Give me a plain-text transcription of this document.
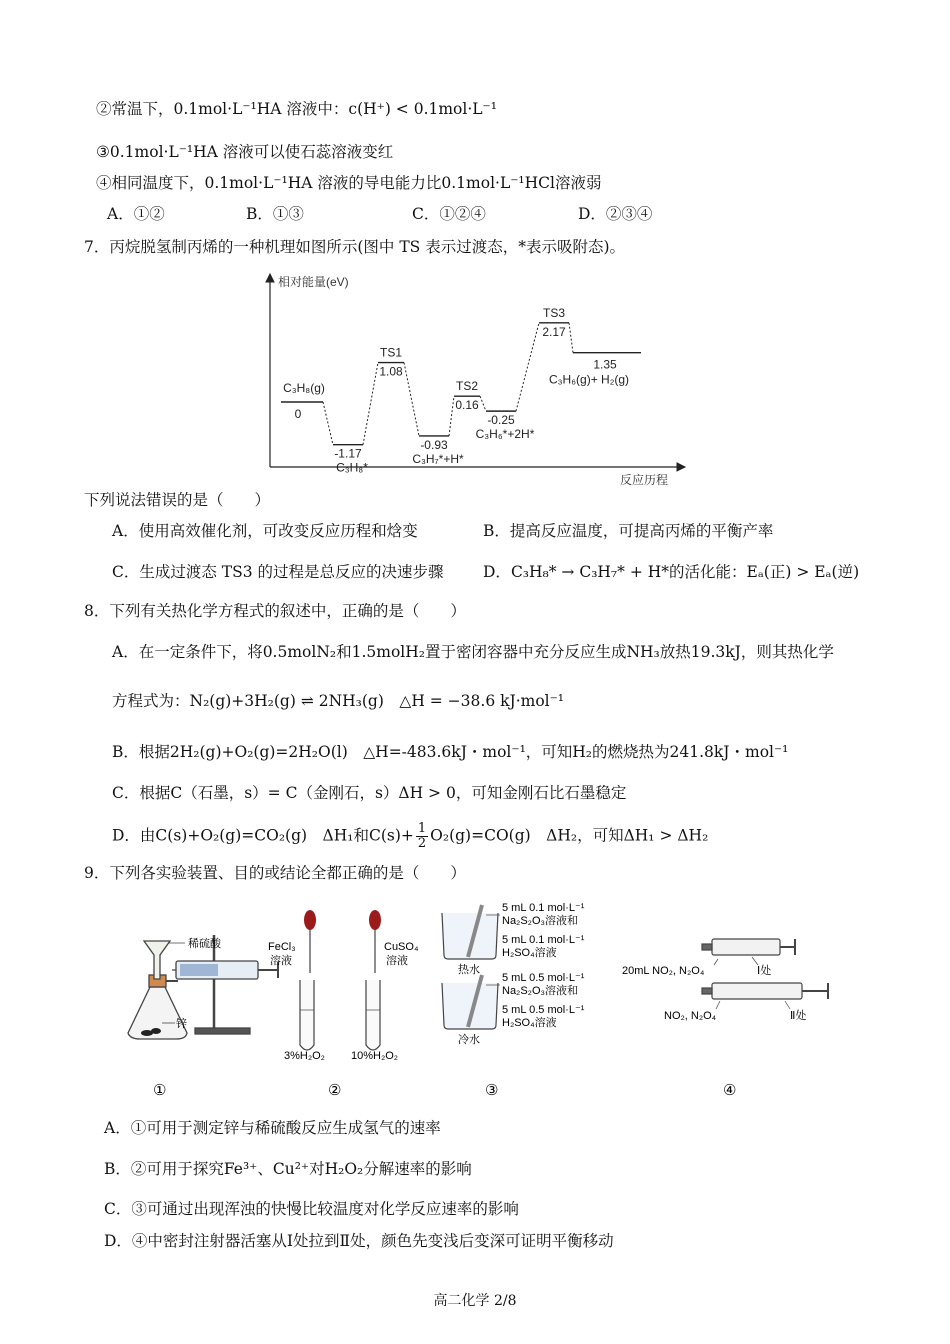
②常温下，0.1mol·L⁻¹HA 溶液中：c(H⁺) < 0.1mol·L⁻¹
③0.1mol·L⁻¹HA 溶液可以使石蕊溶液变红
④相同温度下，0.1mol·L⁻¹HA 溶液的导电能力比0.1mol·L⁻¹HCl溶液弱
A．①②	B．①③	C．①②④	D．②③④
7．丙烷脱氢制丙烯的一种机理如图所示(图中 TS 表示过渡态，*表示吸附态)。
相对能量(eV)
反应历程
C₃H₈(g)
0
-1.17
C₃H₈*
TS1
1.08
-0.93
C₃H₇*+H*
TS2
0.16
-0.25
C₃H₆*+2H*
TS3
2.17
1.35
C₃H₆(g)+ H₂(g)
下列说法错误的是（　　）
A．使用高效催化剂，可改变反应历程和焓变	B．提高反应温度，可提高丙烯的平衡产率
C．生成过渡态 TS3 的过程是总反应的决速步骤	D．C₃H₈* → C₃H₇* + H*的活化能：Eₐ(正) > Eₐ(逆)
8．下列有关热化学方程式的叙述中，正确的是（　　）
A．在一定条件下，将0.5molN₂和1.5molH₂置于密闭容器中充分反应生成NH₃放热19.3kJ，则其热化学
方程式为：N₂(g)+3H₂(g) ⇌ 2NH₃(g)　△H = −38.6 kJ·mol⁻¹
B．根据2H₂(g)+O₂(g)=2H₂O(l)　△H=-483.6kJ・mol⁻¹，可知H₂的燃烧热为241.8kJ・mol⁻¹
C．根据C（石墨，s）= C（金刚石，s）ΔH > 0，可知金刚石比石墨稳定
D．由C(s)+O₂(g)=CO₂(g)　ΔH₁和$C(s)+ \frac{1}{2} O_2(g)=CO(g)$　ΔH₂，可知ΔH₁ > ΔH₂
9．下列各实验装置、目的或结论全都正确的是（　　）
稀硫酸
锌
①
FeCl₃
溶液
CuSO₄
溶液
3%H₂O₂ 10%H₂O₂
②
5 mL 0.1 mol·L⁻¹
Na₂S₂O₃溶液和
5 mL 0.1 mol·L⁻¹
H₂SO₄溶液
热水
5 mL 0.5 mol·L⁻¹
Na₂S₂O₃溶液和
5 mL 0.5 mol·L⁻¹
H₂SO₄溶液
冷水
③
20mL NO₂, N₂O₄	Ⅰ处
NO₂, N₂O₄	Ⅱ处
④
A．①可用于测定锌与稀硫酸反应生成氢气的速率
B．②可用于探究Fe³⁺、Cu²⁺对H₂O₂分解速率的影响
C．③可通过出现浑浊的快慢比较温度对化学反应速率的影响
D．④中密封注射器活塞从Ⅰ处拉到Ⅱ处，颜色先变浅后变深可证明平衡移动
高二化学 2/8
